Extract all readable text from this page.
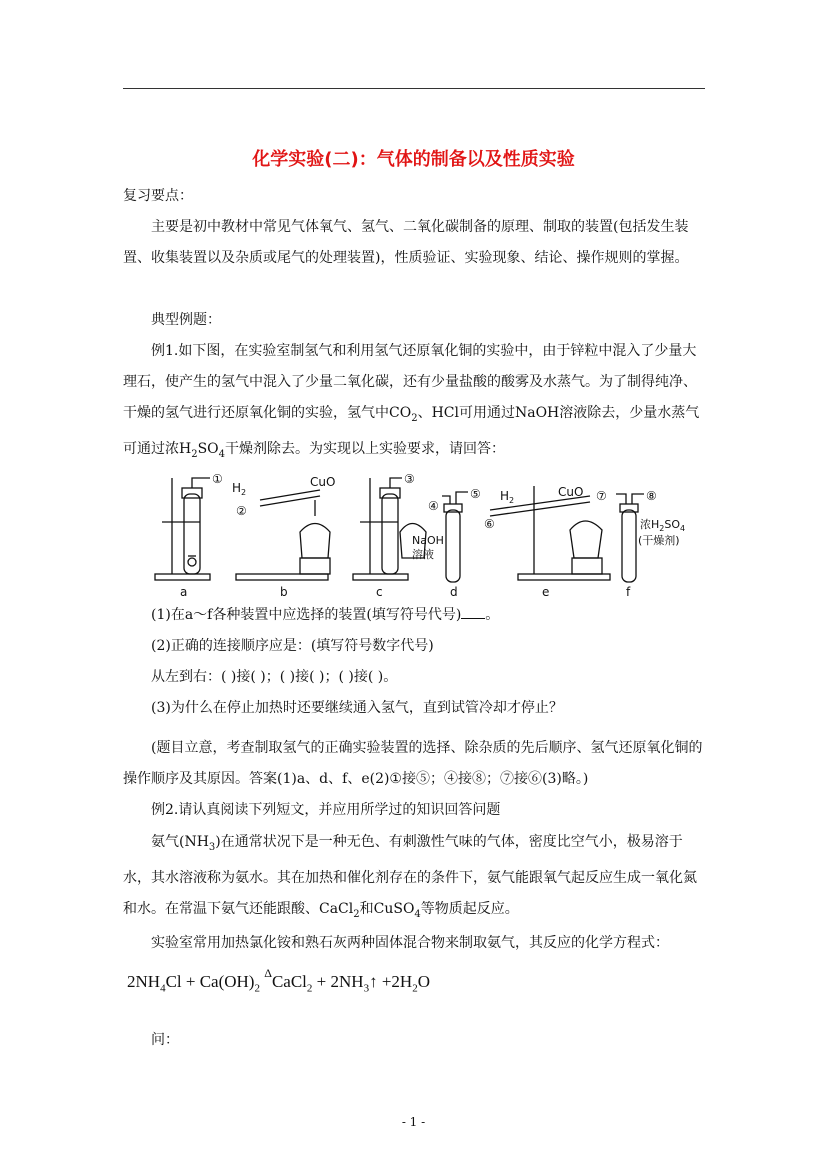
化学实验(二)：气体的制备以及性质实验

复习要点：

主要是初中教材中常见气体氧气、氢气、二氧化碳制备的原理、制取的装置(包括发生装置、收集装置以及杂质或尾气的处理装置)，性质验证、实验现象、结论、操作规则的掌握。

典型例题：

例1.如下图，在实验室制氢气和利用氢气还原氧化铜的实验中，由于锌粒中混入了少量大理石，使产生的氢气中混入了少量二氧化碳，还有少量盐酸的酸雾及水蒸气。为了制得纯净、干燥的氢气进行还原氧化铜的实验，氢气中$CO_2$、HCl可用通过NaOH溶液除去，少量水蒸气可通过浓$H_2SO_4$干燥剂除去。为实现以上实验要求，请回答：

①
②
$H_2$
CuO	③
④
⑤
⑥
$H_2$
CuO ⑦	⑧
NaOH
溶液
浓$H_2SO_4$
(干燥剂)
a	b	c	d	e	f

(1)在a～f各种装置中应选择的装置(填写符号代号) 。

(2)正确的连接顺序应是：(填写符号数字代号)

从左到右：( )接( )；( )接( )；( )接( )。

(3)为什么在停止加热时还要继续通入氢气，直到试管冷却才停止？

(题目立意，考查制取氢气的正确实验装置的选择、除杂质的先后顺序、氢气还原氧化铜的操作顺序及其原因。答案(1)a、d、f、e(2)①接⑤；④接⑧；⑦接⑥(3)略。)

例2.请认真阅读下列短文，并应用所学过的知识回答问题

氨气$(NH_3)$在通常状况下是一种无色、有刺激性气味的气体，密度比空气小，极易溶于水，其水溶液称为氨水。其在加热和催化剂存在的条件下，氨气能跟氧气起反应生成一氧化氮和水。在常温下氨气还能跟酸、CaCl$_2$和CuSO$_4$等物质起反应。

实验室常用加热氯化铵和熟石灰两种固体混合物来制取氨气，其反应的化学方程式：

$2NH_4Cl + Ca(OH)_2$ $^\Delta$CaCl$_2$ + $2NH_3↑ +2H_2O$

问：

- 1 -
